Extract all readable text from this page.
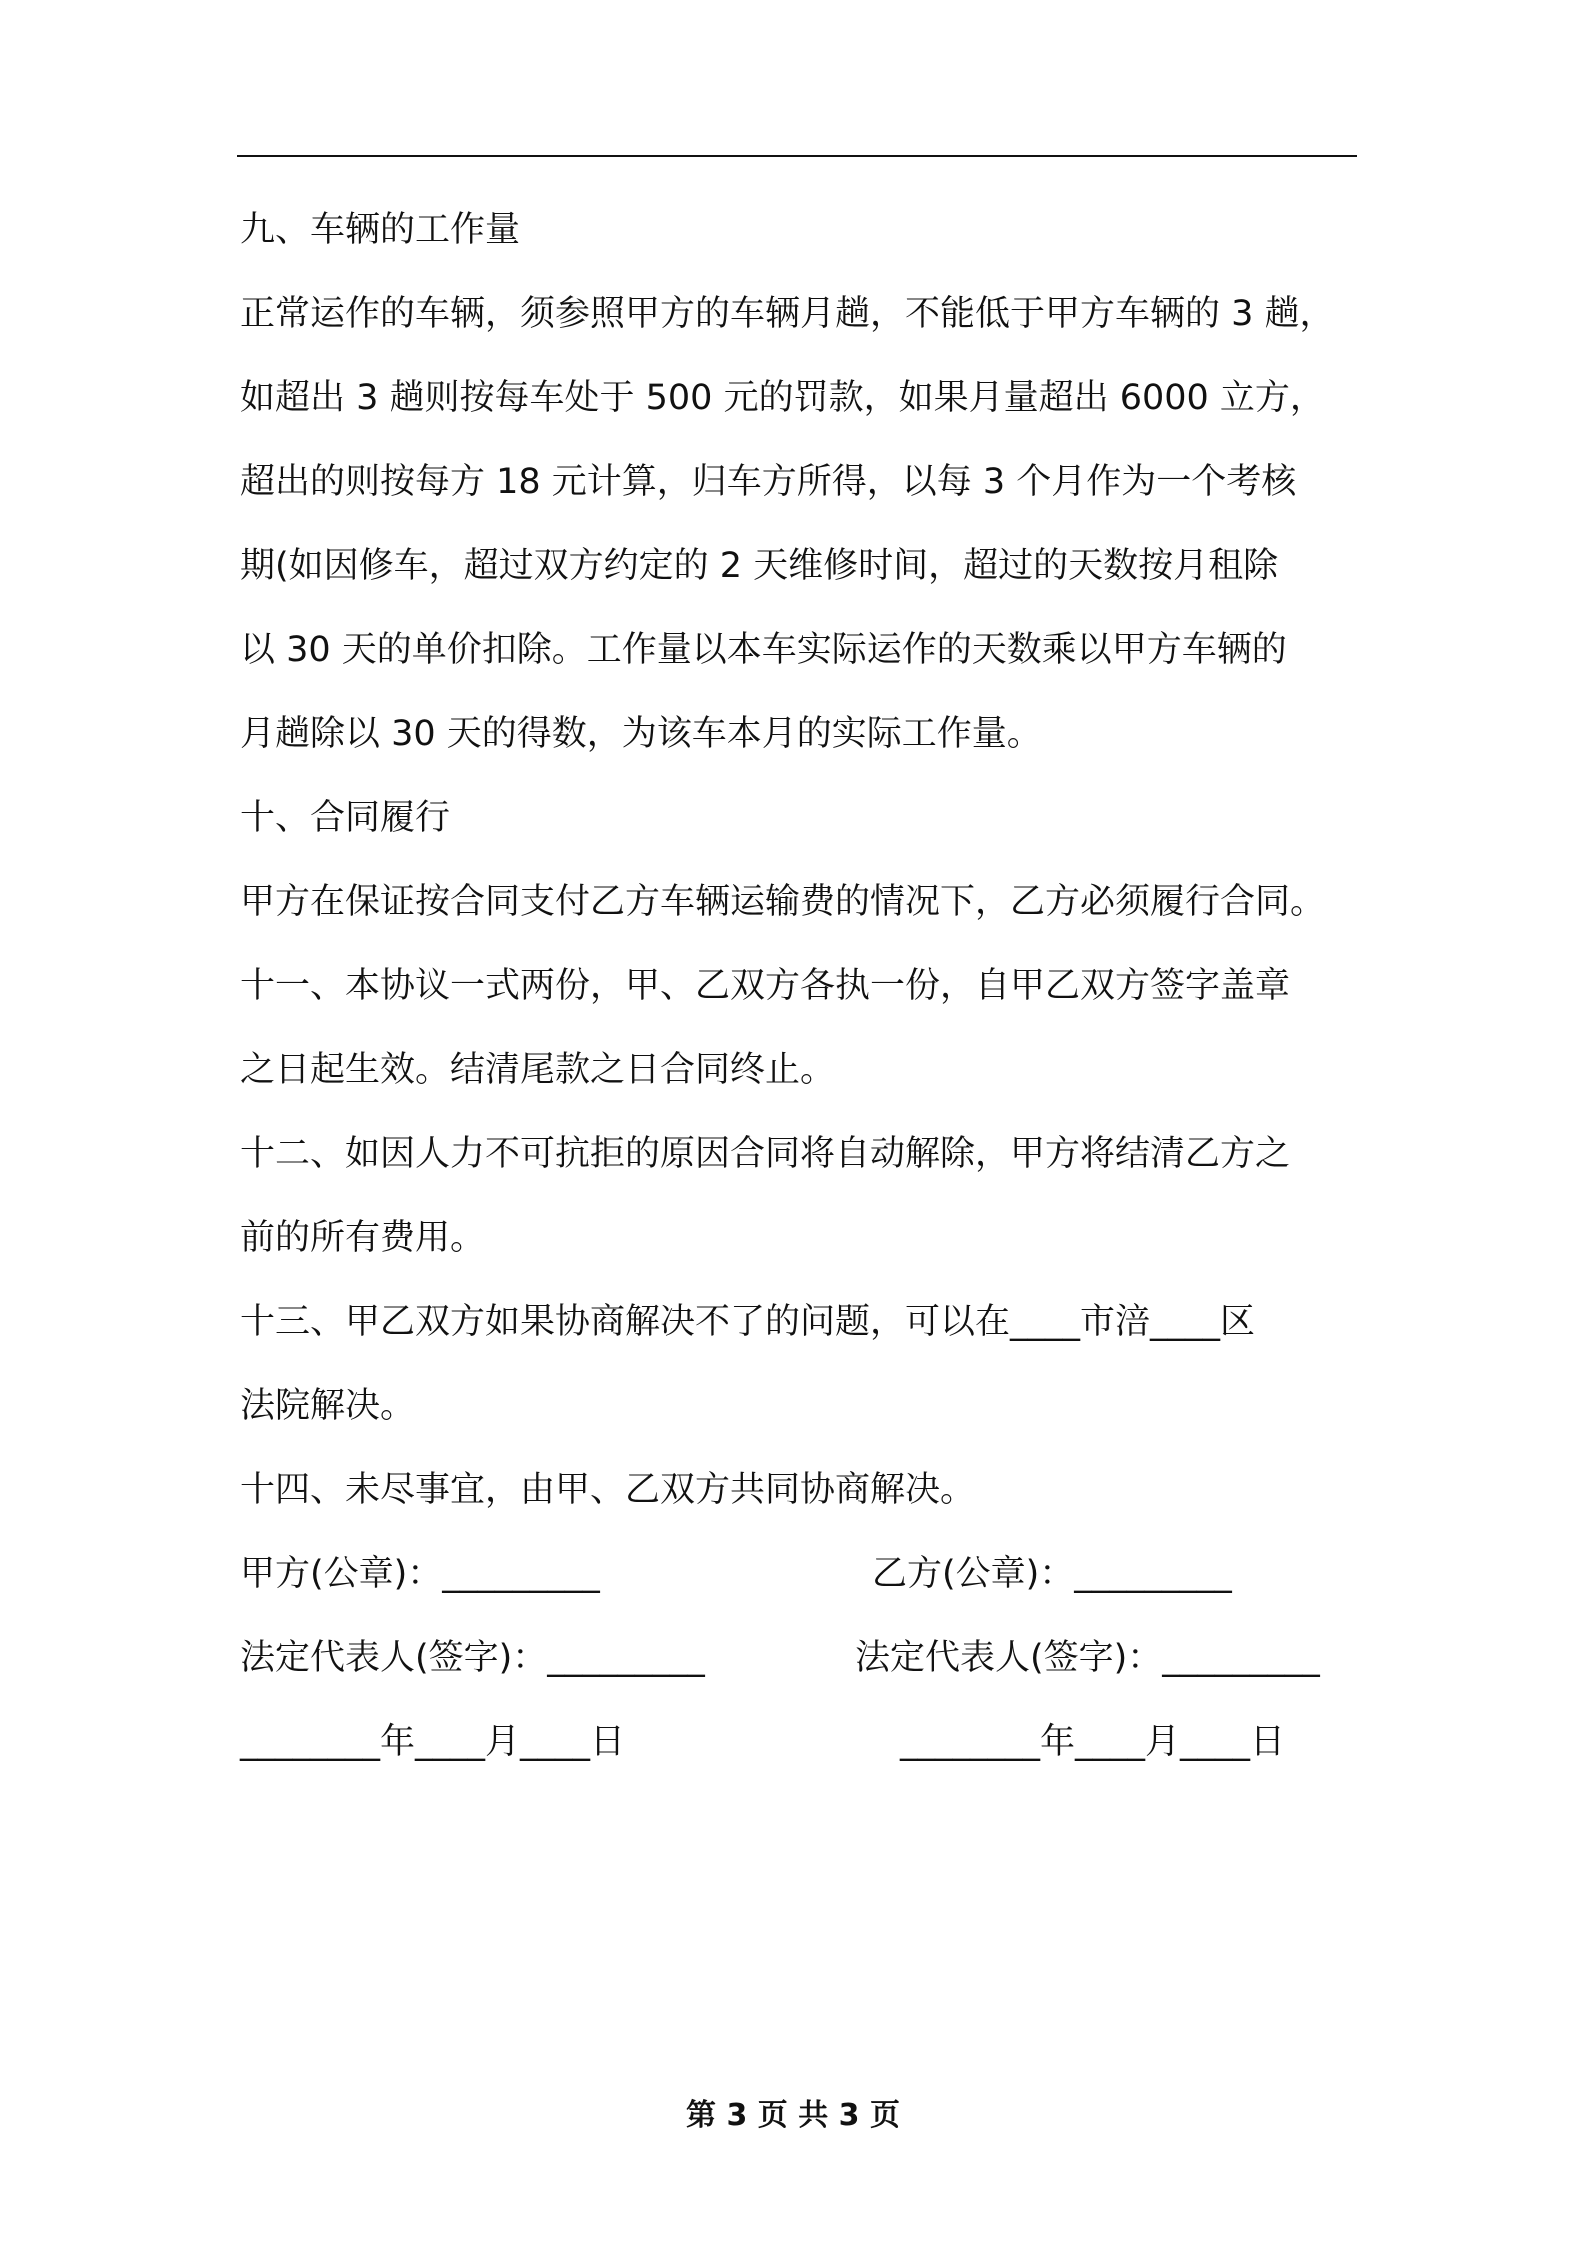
九、车辆的工作量
正常运作的车辆，须参照甲方的车辆月趟，不能低于甲方车辆的 3 趟，
如超出 3 趟则按每车处于 500 元的罚款，如果月量超出 6000 立方，
超出的则按每方 18 元计算，归车方所得，以每 3 个月作为一个考核
期(如因修车，超过双方约定的 2 天维修时间，超过的天数按月租除
以 30 天的单价扣除。工作量以本车实际运作的天数乘以甲方车辆的
月趟除以 30 天的得数，为该车本月的实际工作量。
十、合同履行
甲方在保证按合同支付乙方车辆运输费的情况下，乙方必须履行合同。
十一、本协议一式两份，甲、乙双方各执一份，自甲乙双方签字盖章
之日起生效。结清尾款之日合同终止。
十二、如因人力不可抗拒的原因合同将自动解除，甲方将结清乙方之
前的所有费用。
十三、甲乙双方如果协商解决不了的问题，可以在____市涪____区
法院解决。
十四、未尽事宜，由甲、乙双方共同协商解决。
甲方(公章)：_________	乙方(公章)：_________
法定代表人(签字)：_________	法定代表人(签字)：_________
________年____月____日	________年____月____日
第 3 页 共 3 页
